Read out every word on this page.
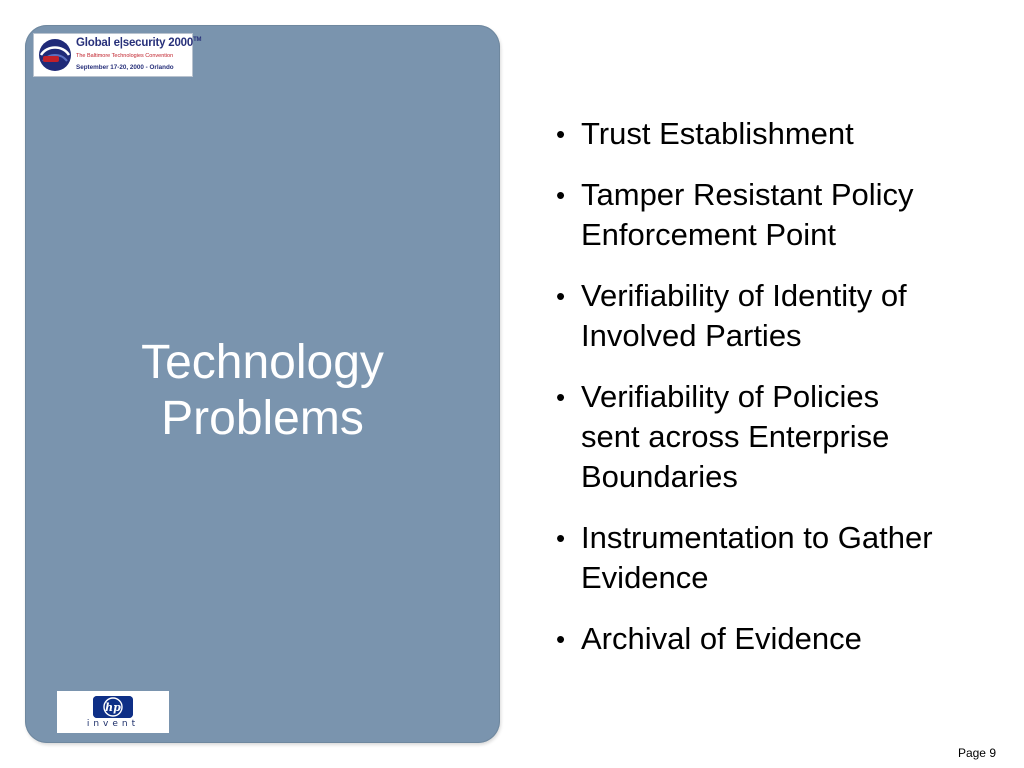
Global e|security 2000™
The Baltimore Technologies Convention
September 17-20, 2000 - Orlando
Technology
Problems
hp
invent
• Trust Establishment
• Tamper Resistant Policy
Enforcement Point
• Verifiability of Identity of
Involved Parties
• Verifiability of Policies
sent across Enterprise
Boundaries
• Instrumentation to Gather
Evidence
• Archival of Evidence
Page 9
